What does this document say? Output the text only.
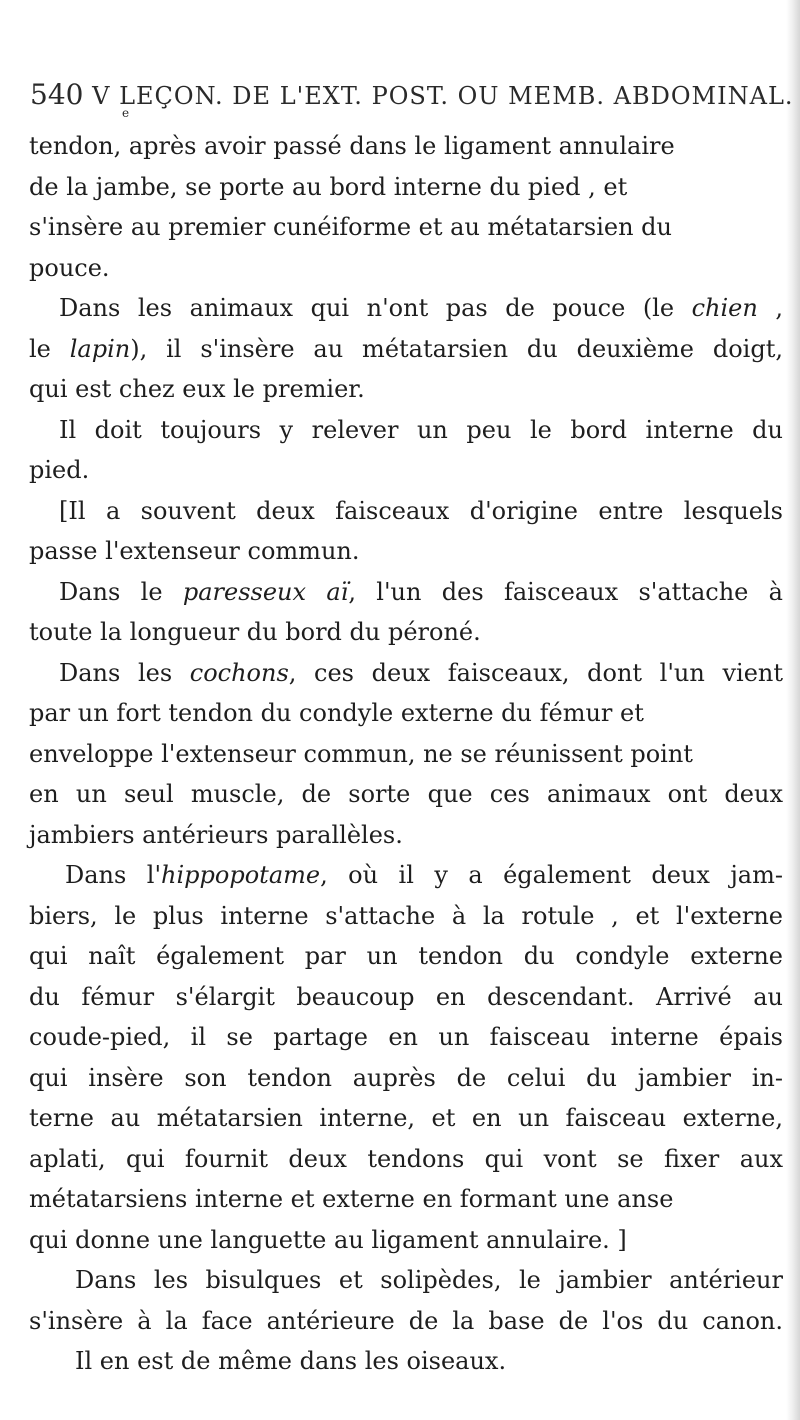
540 V
e
LEÇON. DE L'EXT. POST. OU MEMB. ABDOMINAL.
tendon, après avoir passé dans le ligament annulaire
de la jambe, se porte au bord interne du pied , et
s'insère au premier cunéiforme et au métatarsien du
pouce.
Dans les animaux qui n'ont pas de pouce (le chien ,
le lapin), il s'insère au métatarsien du deuxième doigt,
qui est chez eux le premier.
Il doit toujours y relever un peu le bord interne du
pied.
[Il a souvent deux faisceaux d'origine entre lesquels
passe l'extenseur commun.
Dans le paresseux aï, l'un des faisceaux s'attache à
toute la longueur du bord du péroné.
Dans les cochons, ces deux faisceaux, dont l'un vient
par un fort tendon du condyle externe du fémur et
enveloppe l'extenseur commun, ne se réunissent point
en un seul muscle, de sorte que ces animaux ont deux
jambiers antérieurs parallèles.
Dans l'hippopotame, où il y a également deux jam-
biers, le plus interne s'attache à la rotule , et l'externe
qui naît également par un tendon du condyle externe
du fémur s'élargit beaucoup en descendant. Arrivé au
coude-pied, il se partage en un faisceau interne épais
qui insère son tendon auprès de celui du jambier in-
terne au métatarsien interne, et en un faisceau externe,
aplati, qui fournit deux tendons qui vont se fixer aux
métatarsiens interne et externe en formant une anse
qui donne une languette au ligament annulaire. ]
Dans les bisulques et solipèdes, le jambier antérieur
s'insère à la face antérieure de la base de l'os du canon.
Il en est de même dans les oiseaux.
